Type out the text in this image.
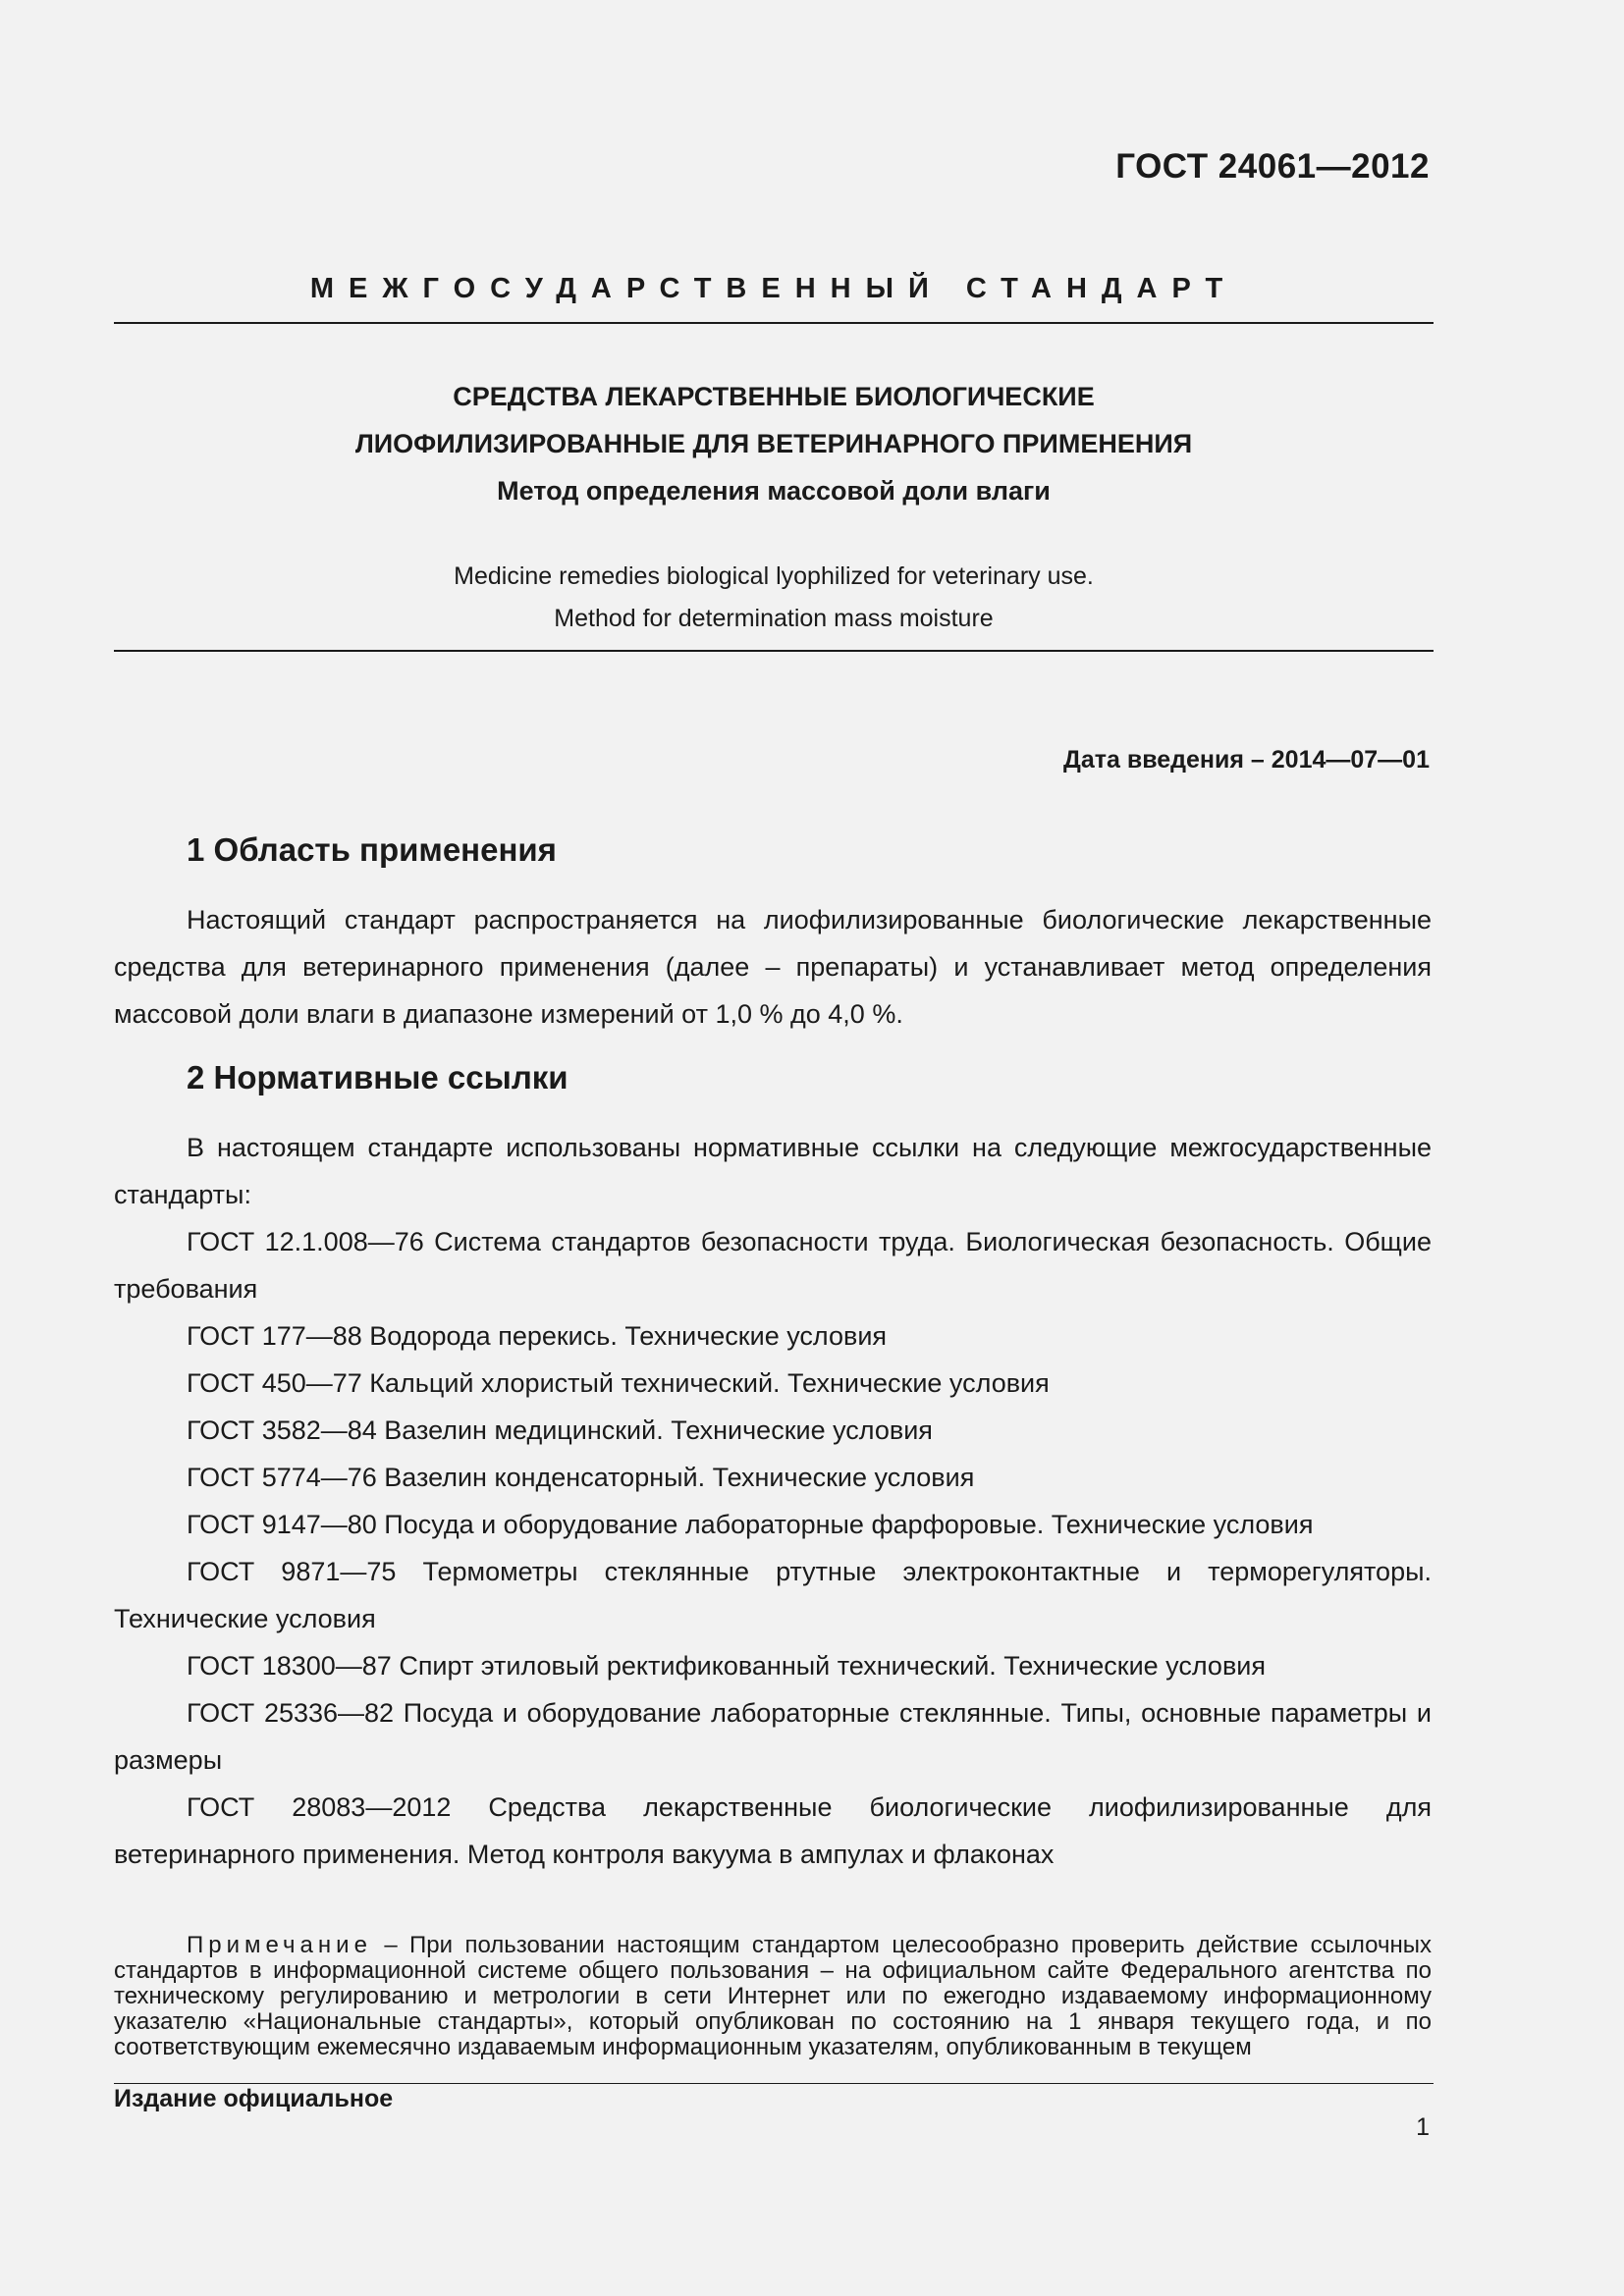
ГОСТ 24061—2012
МЕЖГОСУДАРСТВЕННЫЙ СТАНДАРТ
СРЕДСТВА ЛЕКАРСТВЕННЫЕ БИОЛОГИЧЕСКИЕ
ЛИОФИЛИЗИРОВАННЫЕ ДЛЯ ВЕТЕРИНАРНОГО ПРИМЕНЕНИЯ
Метод определения массовой доли влаги
Medicine remedies biological lyophilized for veterinary use.
Method for determination mass moisture
Дата введения – 2014—07—01
1 Область применения

Настоящий стандарт распространяется на лиофилизированные биологические лекарственные средства для ветеринарного применения (далее – препараты) и устанавливает метод определения массовой доли влаги в диапазоне измерений от 1,0 % до 4,0 %.

2 Нормативные ссылки

В настоящем стандарте использованы нормативные ссылки на следующие межгосударственные стандарты:

ГОСТ 12.1.008—76 Система стандартов безопасности труда. Биологическая безопасность. Общие требования
ГОСТ 177—88 Водорода перекись. Технические условия
ГОСТ 450—77 Кальций хлористый технический. Технические условия
ГОСТ 3582—84 Вазелин медицинский. Технические условия
ГОСТ 5774—76 Вазелин конденсаторный. Технические условия
ГОСТ 9147—80 Посуда и оборудование лабораторные фарфоровые. Технические условия
ГОСТ 9871—75 Термометры стеклянные ртутные электроконтактные и терморегуляторы. Технические условия
ГОСТ 18300—87 Спирт этиловый ректификованный технический. Технические условия
ГОСТ 25336—82 Посуда и оборудование лабораторные стеклянные. Типы, основные параметры и размеры
ГОСТ 28083—2012 Средства лекарственные биологические лиофилизированные для ветеринарного применения. Метод контроля вакуума в ампулах и флаконах
Примечание – При пользовании настоящим стандартом целесообразно проверить действие ссылочных стандартов в информационной системе общего пользования – на официальном сайте Федерального агентства по техническому регулированию и метрологии в сети Интернет или по ежегодно издаваемому информационному указателю «Национальные стандарты», который опубликован по состоянию на 1 января текущего года, и по соответствующим ежемесячно издаваемым информационным указателям, опубликованным в текущем
Издание официальное
1
